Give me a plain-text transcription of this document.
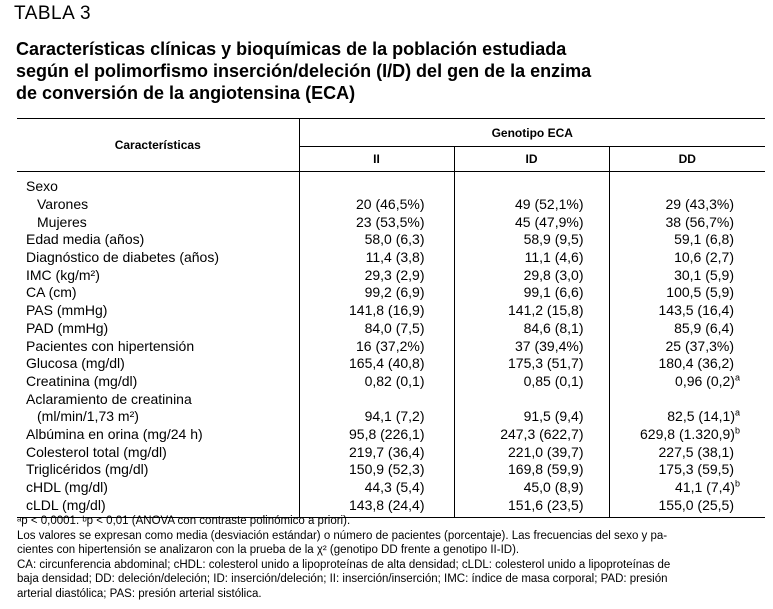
TABLA 3
Características clínicas y bioquímicas de la población estudiada
según el polimorfismo inserción/deleción (I/D) del gen de la enzima
de conversión de la angiotensina (ECA)
Características	Genotipo ECA		
	II	ID	DD
Sexo			
Varones	20 (46,5%)	49 (52,1%)	29 (43,3%)
Mujeres	23 (53,5%)	45 (47,9%)	38 (56,7%)
Edad media (años)	58,0 (6,3)	58,9 (9,5)	59,1 (6,8)
Diagnóstico de diabetes (años)	11,4 (3,8)	11,1 (4,6)	10,6 (2,7)
IMC (kg/m²)	29,3 (2,9)	29,8 (3,0)	30,1 (5,9)
CA (cm)	99,2 (6,9)	99,1 (6,6)	100,5 (5,9)
PAS (mmHg)	141,8 (16,9)	141,2 (15,8)	143,5 (16,4)
PAD (mmHg)	84,0 (7,5)	84,6 (8,1)	85,9 (6,4)
Pacientes con hipertensión	16 (37,2%)	37 (39,4%)	25 (37,3%)
Glucosa (mg/dl)	165,4 (40,8)	175,3 (51,7)	180,4 (36,2)
Creatinina (mg/dl)	0,82 (0,1)	0,85 (0,1)	0,96 $(0,2)^a$
Aclaramiento de creatinina			
(ml/min/1,73 m²)	94,1 (7,2)	91,5 (9,4)	82,5 $(14,1)^a$
Albúmina en orina (mg/24 h)	95,8 (226,1)	247,3 (622,7)	629,8 $(1.320,9)^b$
Colesterol total (mg/dl)	219,7 (36,4)	221,0 (39,7)	227,5 (38,1)
Triglicéridos (mg/dl)	150,9 (52,3)	169,8 (59,9)	175,3 (59,5)
cHDL (mg/dl)	44,3 (5,4)	45,0 (8,9)	41,1 $(7,4)^b$
cLDL (mg/dl)	143,8 (24,4)	151,6 (23,5)	155,0 (25,5)
ᵃp < 0,0001. ᵇp < 0,01 (ANOVA con contraste polinómico a priori).
Los valores se expresan como media (desviación estándar) o número de pacientes (porcentaje). Las frecuencias del sexo y pa-
cientes con hipertensión se analizaron con la prueba de la χ² (genotipo DD frente a genotipo II-ID).
CA: circunferencia abdominal; cHDL: colesterol unido a lipoproteínas de alta densidad; cLDL: colesterol unido a lipoproteínas de
baja densidad; DD: deleción/deleción; ID: inserción/deleción; II: inserción/inserción; IMC: índice de masa corporal; PAD: presión
arterial diastólica; PAS: presión arterial sistólica.
